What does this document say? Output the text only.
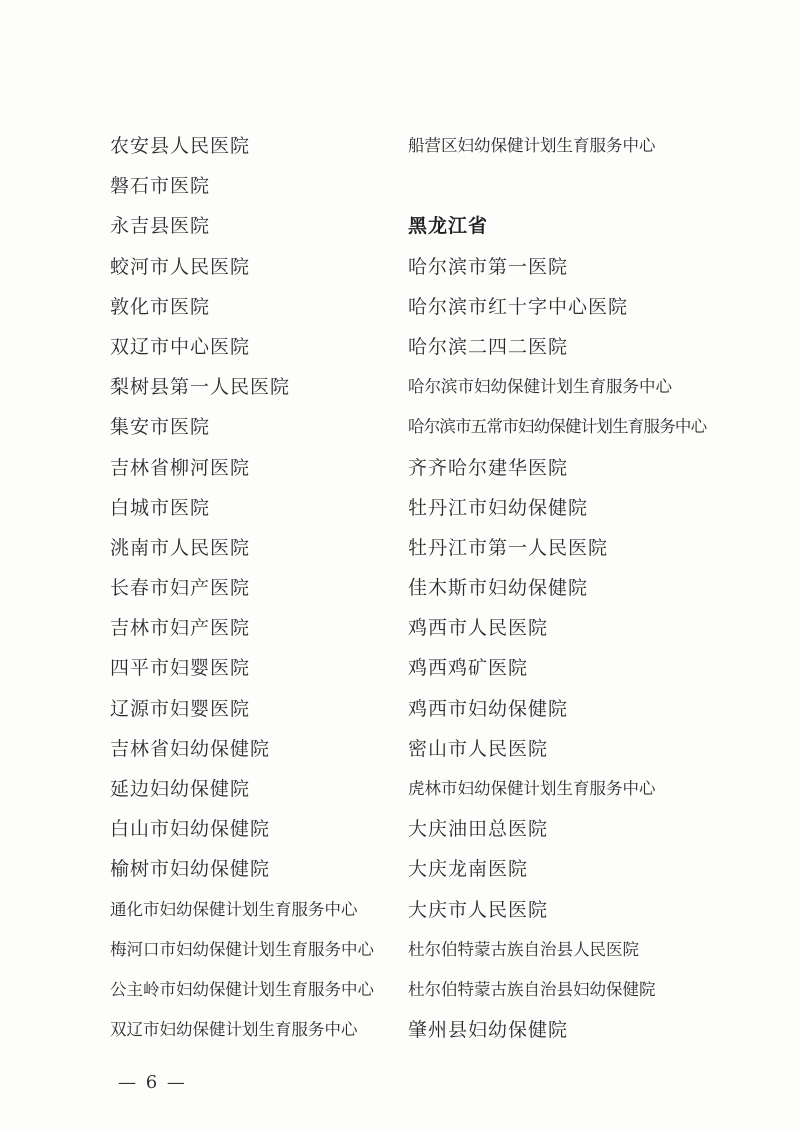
农安县人民医院
磐石市医院
永吉县医院
蛟河市人民医院
敦化市医院
双辽市中心医院
梨树县第一人民医院
集安市医院
吉林省柳河医院
白城市医院
洮南市人民医院
长春市妇产医院
吉林市妇产医院
四平市妇婴医院
辽源市妇婴医院
吉林省妇幼保健院
延边妇幼保健院
白山市妇幼保健院
榆树市妇幼保健院
通化市妇幼保健计划生育服务中心
梅河口市妇幼保健计划生育服务中心
公主岭市妇幼保健计划生育服务中心
双辽市妇幼保健计划生育服务中心
船营区妇幼保健计划生育服务中心
黑龙江省
哈尔滨市第一医院
哈尔滨市红十字中心医院
哈尔滨二四二医院
哈尔滨市妇幼保健计划生育服务中心
哈尔滨市五常市妇幼保健计划生育服务中心
齐齐哈尔建华医院
牡丹江市妇幼保健院
牡丹江市第一人民医院
佳木斯市妇幼保健院
鸡西市人民医院
鸡西鸡矿医院
鸡西市妇幼保健院
密山市人民医院
虎林市妇幼保健计划生育服务中心
大庆油田总医院
大庆龙南医院
大庆市人民医院
杜尔伯特蒙古族自治县人民医院
杜尔伯特蒙古族自治县妇幼保健院
肇州县妇幼保健院
— 6 —
